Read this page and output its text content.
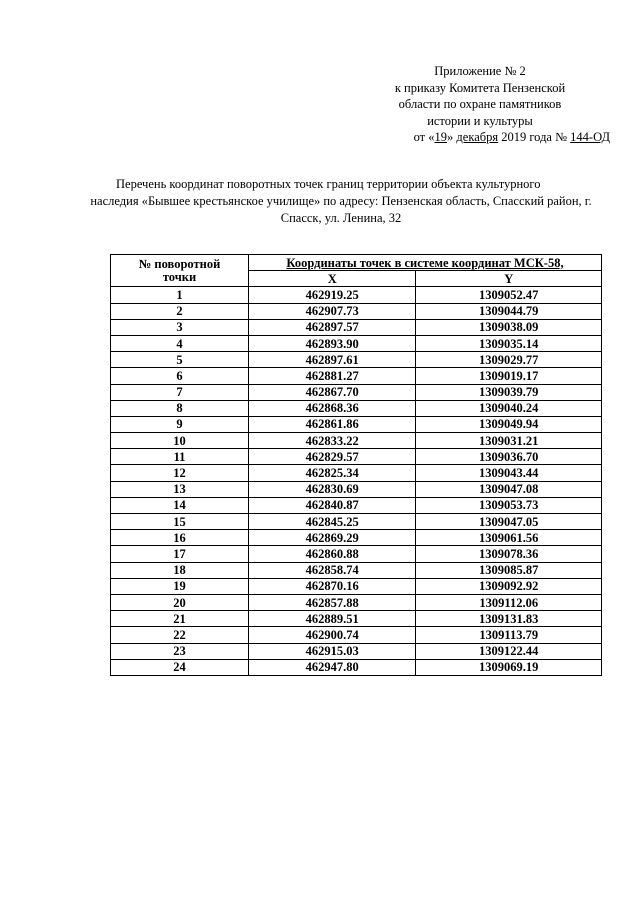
Приложение № 2
к приказу Комитета Пензенской
области по охране памятников
истории и культуры
от «19» декабря 2019 года № 144-ОД
Перечень координат поворотных точек границ территории объекта культурного
наследия «Бывшее крестьянское училище» по адресу: Пензенская область, Спасский район, г. Спасск, ул. Ленина, 32
№ поворотной
точки	Координаты точек в системе координат МСК-58,	
	X	Y
1	462919.25	1309052.47
2	462907.73	1309044.79
3	462897.57	1309038.09
4	462893.90	1309035.14
5	462897.61	1309029.77
6	462881.27	1309019.17
7	462867.70	1309039.79
8	462868.36	1309040.24
9	462861.86	1309049.94
10	462833.22	1309031.21
11	462829.57	1309036.70
12	462825.34	1309043.44
13	462830.69	1309047.08
14	462840.87	1309053.73
15	462845.25	1309047.05
16	462869.29	1309061.56
17	462860.88	1309078.36
18	462858.74	1309085.87
19	462870.16	1309092.92
20	462857.88	1309112.06
21	462889.51	1309131.83
22	462900.74	1309113.79
23	462915.03	1309122.44
24	462947.80	1309069.19
